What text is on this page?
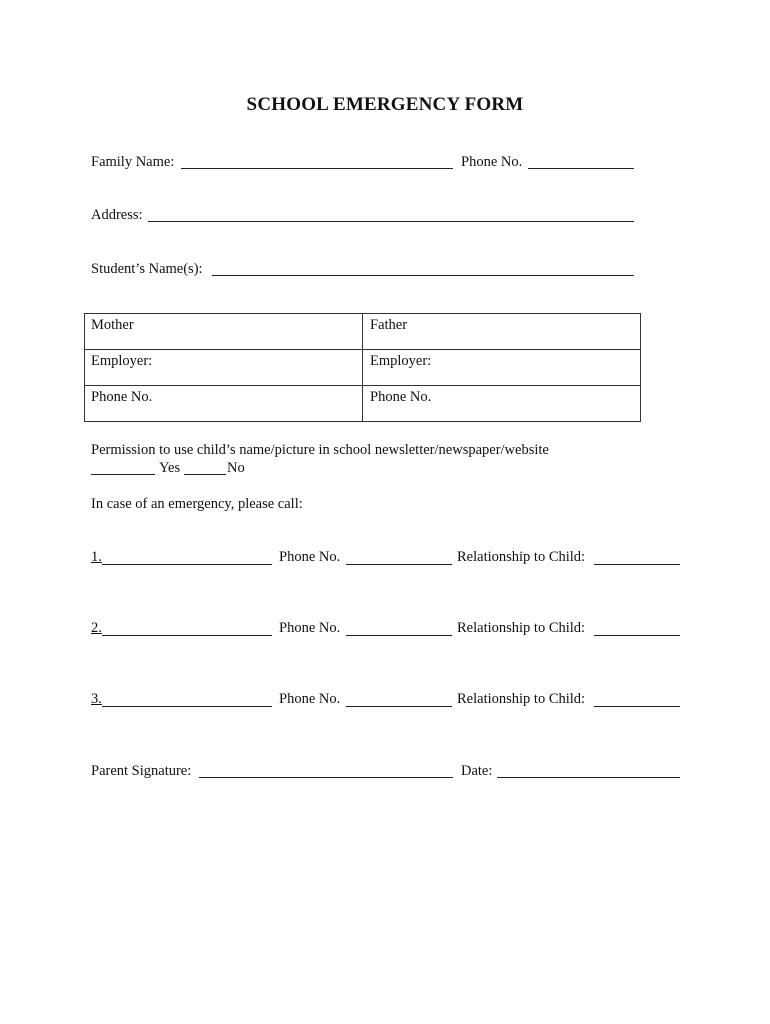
SCHOOL EMERGENCY FORM
Family Name:	Phone No.
Address:
Student’s Name(s):
Mother	Father
Employer:	Employer:
Phone No.	Phone No.
Permission to use child’s name/picture in school newsletter/newspaper/website
Yes	No
In case of an emergency, please call:
1.	Phone No.	Relationship to Child:
2.	Phone No.	Relationship to Child:
3.	Phone No.	Relationship to Child:
Parent Signature:	Date:
